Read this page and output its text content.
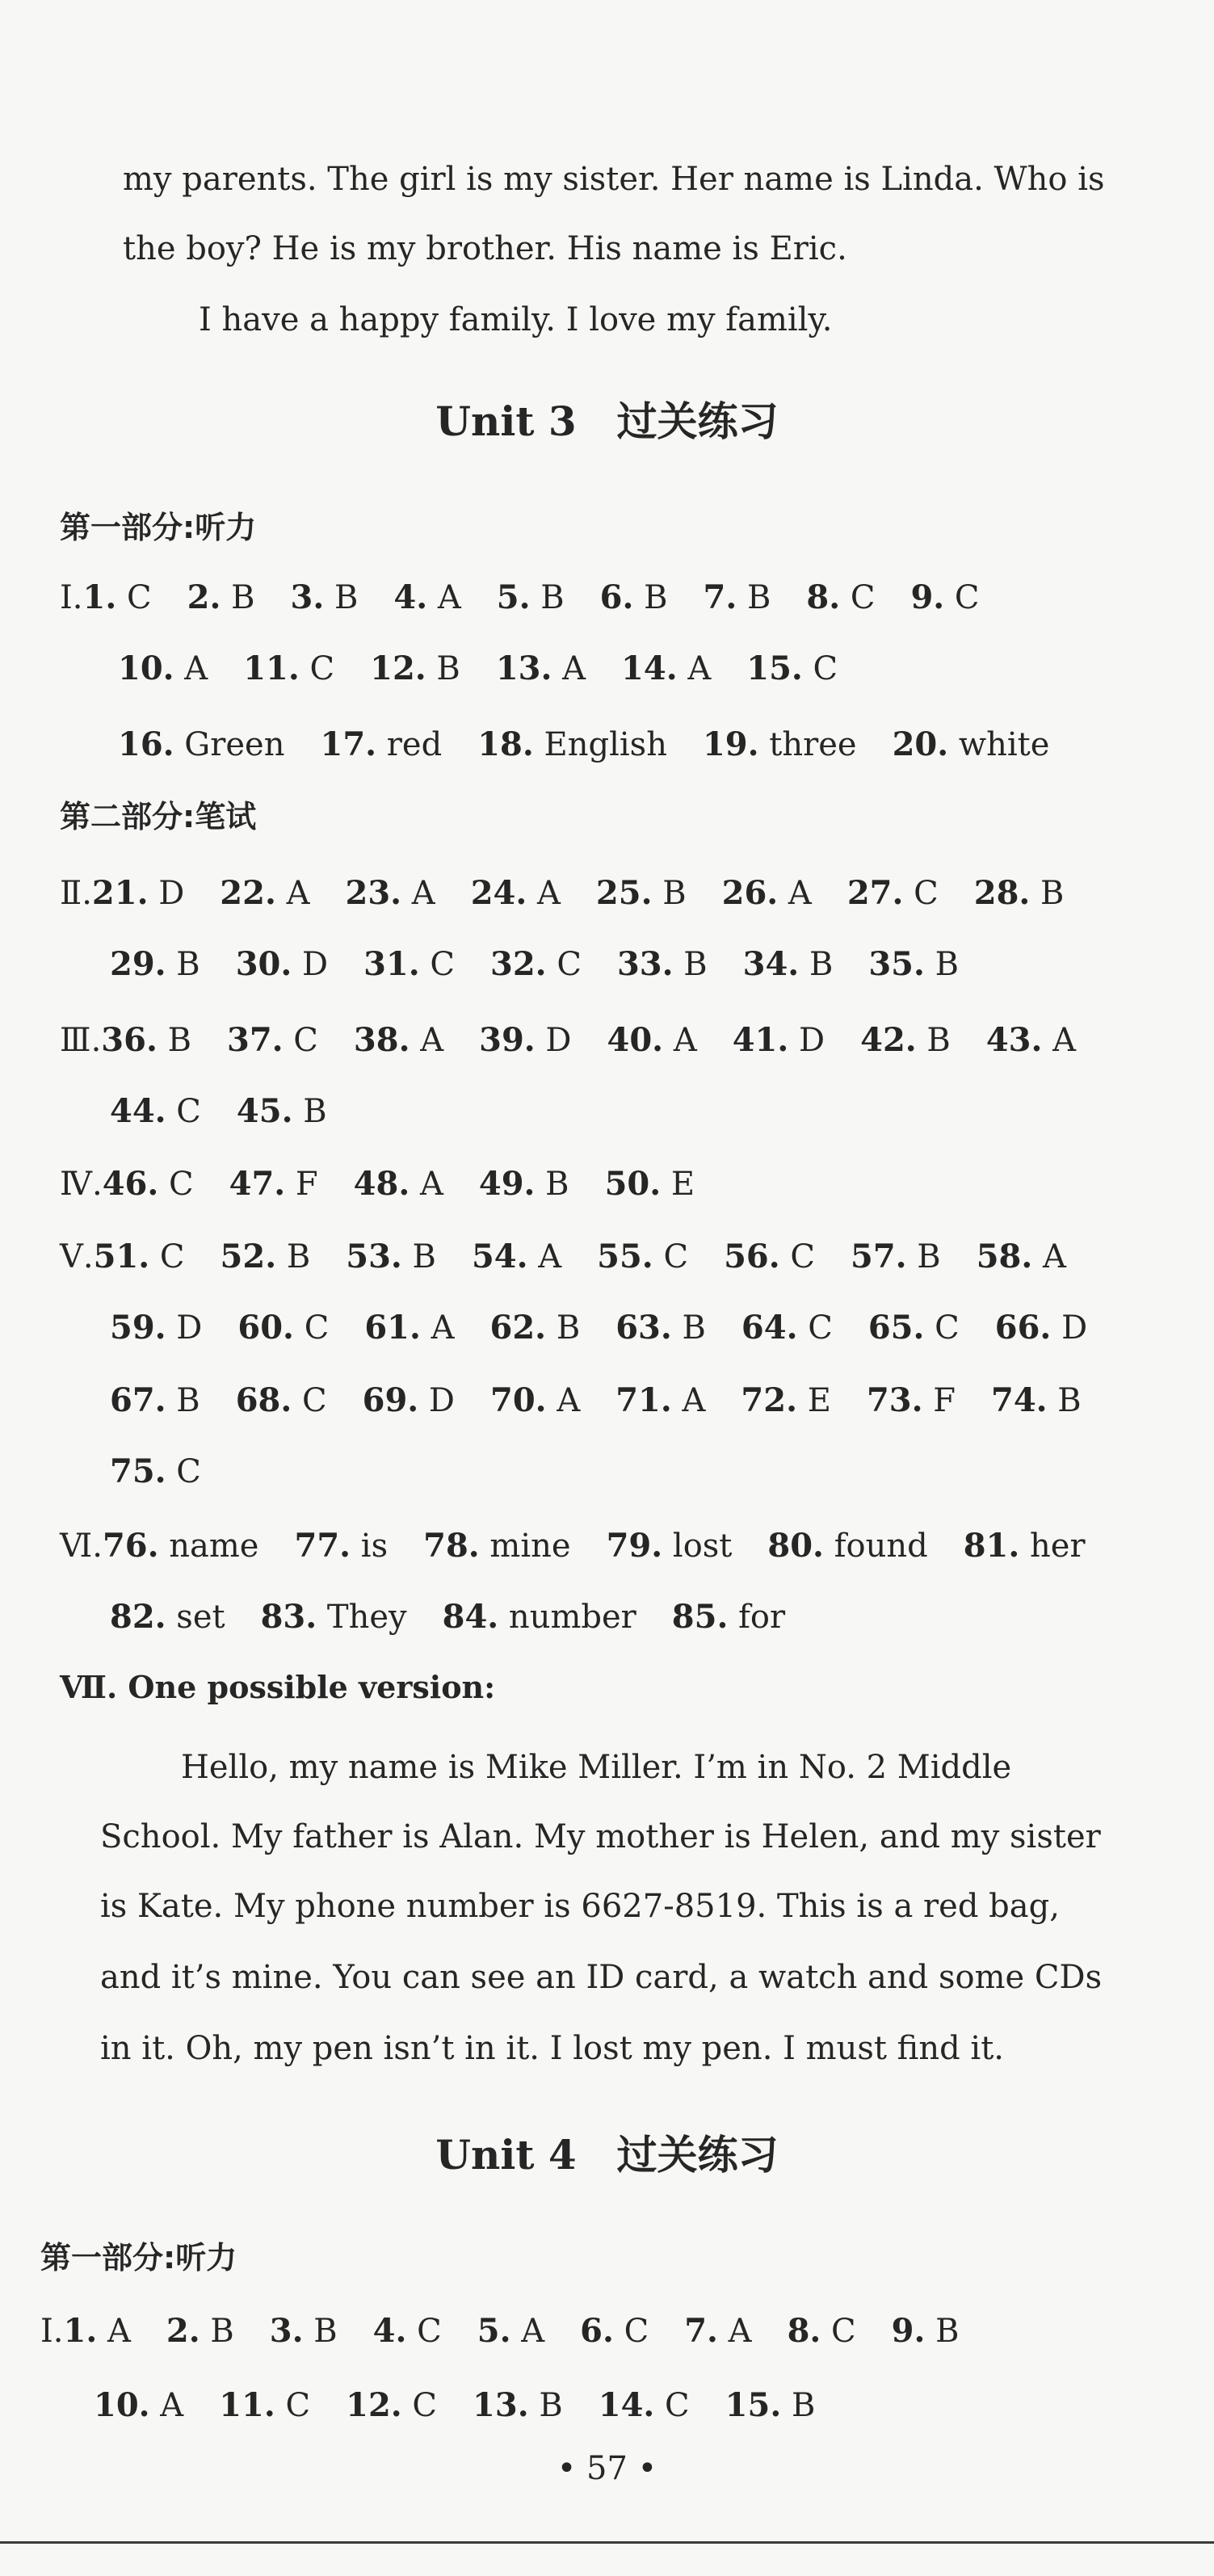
my parents. The girl is my sister. Her name is Linda. Who is
the boy? He is my brother. His name is Eric.
I have a happy family. I love my family.
Unit 3　过关练习
第一部分:听力
Ⅰ.1. C 2. B 3. B 4. A 5. B 6. B 7. B 8. C 9. C
10. A 11. C 12. B 13. A 14. A 15. C
16. Green 17. red 18. English 19. three 20. white
第二部分:笔试
Ⅱ.21. D 22. A 23. A 24. A 25. B 26. A 27. C 28. B
29. B 30. D 31. C 32. C 33. B 34. B 35. B
Ⅲ.36. B 37. C 38. A 39. D 40. A 41. D 42. B 43. A
44. C 45. B
Ⅳ.46. C 47. F 48. A 49. B 50. E
Ⅴ.51. C 52. B 53. B 54. A 55. C 56. C 57. B 58. A
59. D 60. C 61. A 62. B 63. B 64. C 65. C 66. D
67. B 68. C 69. D 70. A 71. A 72. E 73. F 74. B
75. C
Ⅵ.76. name 77. is 78. mine 79. lost 80. found 81. her
82. set 83. They 84. number 85. for
Ⅶ. One possible version:
Hello, my name is Mike Miller. I’m in No. 2 Middle
School. My father is Alan. My mother is Helen, and my sister
is Kate. My phone number is 6627-8519. This is a red bag,
and it’s mine. You can see an ID card, a watch and some CDs
in it. Oh, my pen isn’t in it. I lost my pen. I must find it.
Unit 4　过关练习
第一部分:听力
Ⅰ.1. A 2. B 3. B 4. C 5. A 6. C 7. A 8. C 9. B
10. A 11. C 12. C 13. B 14. C 15. B
• 57 •
